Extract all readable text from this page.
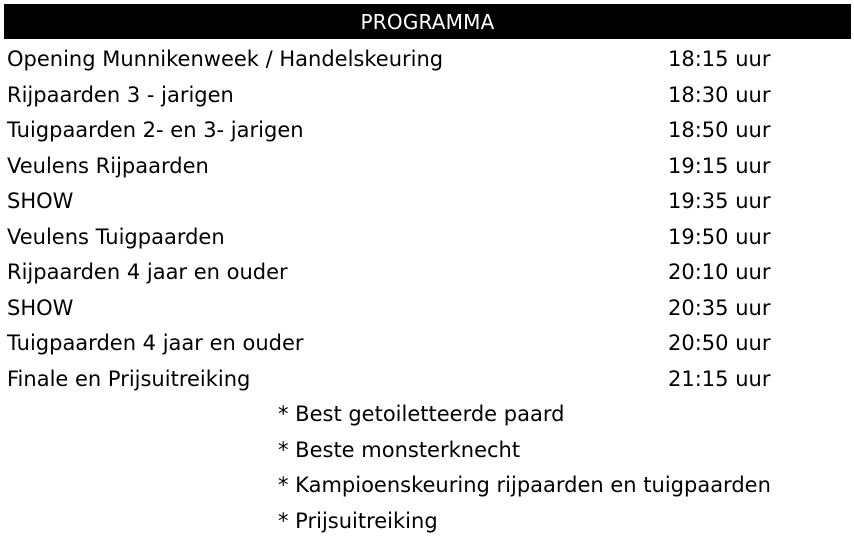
PROGRAMMA
Opening Munnikenweek / Handelskeuring	18:15 uur
Rijpaarden 3 - jarigen	18:30 uur
Tuigpaarden 2- en 3- jarigen	18:50 uur
Veulens Rijpaarden	19:15 uur
SHOW	19:35 uur
Veulens Tuigpaarden	19:50 uur
Rijpaarden 4 jaar en ouder	20:10 uur
SHOW	20:35 uur
Tuigpaarden 4 jaar en ouder	20:50 uur
Finale en Prijsuitreiking	21:15 uur
* Best getoiletteerde paard
* Beste monsterknecht
* Kampioenskeuring rijpaarden en tuigpaarden
* Prijsuitreiking
